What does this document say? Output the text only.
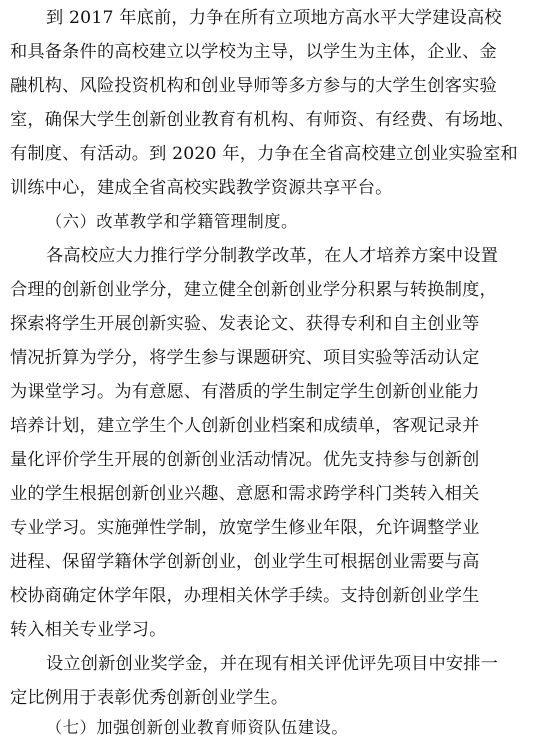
到 2017 年底前，力争在所有立项地方高水平大学建设高校
和具备条件的高校建立以学校为主导，以学生为主体，企业、金
融机构、风险投资机构和创业导师等多方参与的大学生创客实验
室，确保大学生创新创业教育有机构、有师资、有经费、有场地、
有制度、有活动。到 2020 年，力争在全省高校建立创业实验室和
训练中心，建成全省高校实践教学资源共享平台。
（六）改革教学和学籍管理制度。
各高校应大力推行学分制教学改革，在人才培养方案中设置
合理的创新创业学分，建立健全创新创业学分积累与转换制度，
探索将学生开展创新实验、发表论文、获得专利和自主创业等
情况折算为学分，将学生参与课题研究、项目实验等活动认定
为课堂学习。为有意愿、有潜质的学生制定学生创新创业能力
培养计划，建立学生个人创新创业档案和成绩单，客观记录并
量化评价学生开展的创新创业活动情况。优先支持参与创新创
业的学生根据创新创业兴趣、意愿和需求跨学科门类转入相关
专业学习。实施弹性学制，放宽学生修业年限，允许调整学业
进程、保留学籍休学创新创业，创业学生可根据创业需要与高
校协商确定休学年限，办理相关休学手续。支持创新创业学生
转入相关专业学习。
设立创新创业奖学金，并在现有相关评优评先项目中安排一
定比例用于表彰优秀创新创业学生。
（七）加强创新创业教育师资队伍建设。
